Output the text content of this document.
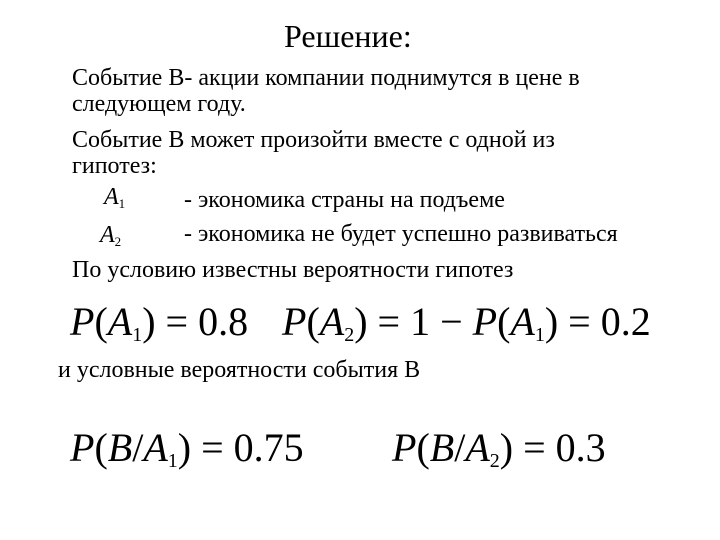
Решение:
Событие В- акции компании поднимутся в цене в
следующем году.
Событие В может произойти вместе с одной из
гипотез:
$A_1$ - экономика страны на подъеме
$A_2$	- экономика не будет успешно развиваться
По условию известны вероятности гипотез
$P(A_1) = 0.8$ $P(A_2) = 1 - P(A_1) = 0.2$
и условные вероятности события В
$P(B/A_1) = 0.75$ $P(B/A_2) = 0.3$
